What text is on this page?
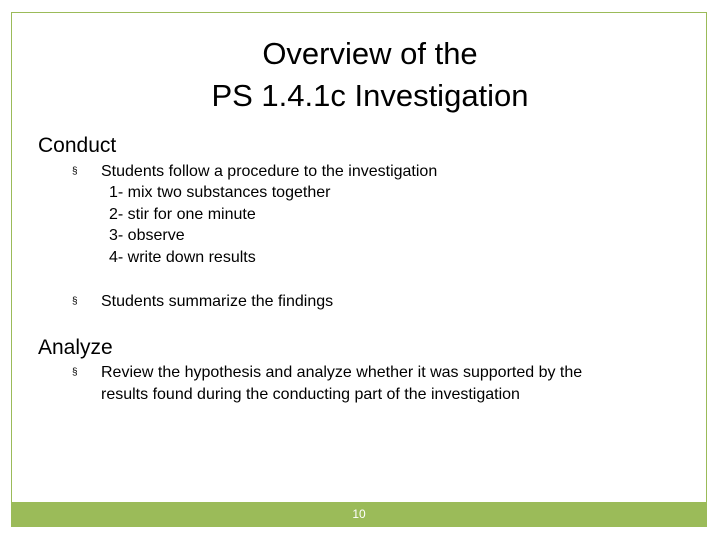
Overview of the
PS 1.4.1c Investigation
Conduct
§ Students follow a procedure to the investigation
1- mix two substances together
2- stir for one minute
3- observe
4- write down results
§ Students summarize the findings
Analyze
§ Review the hypothesis and analyze whether it was supported by the
results found during the conducting part of the investigation
10
